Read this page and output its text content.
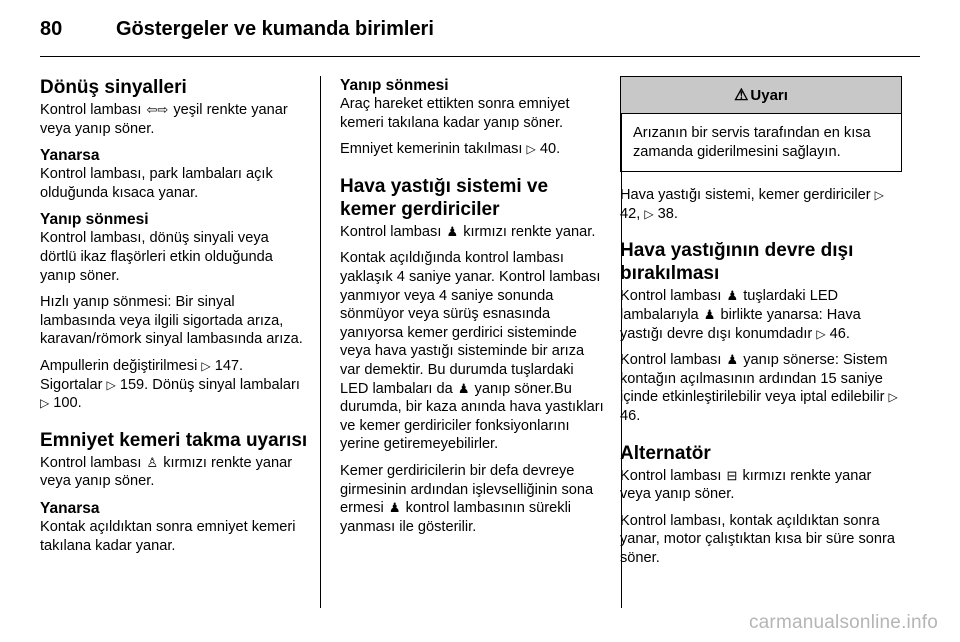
80	Göstergeler ve kumanda birimleri
Dönüş sinyalleri

Kontrol lambası ⇦⇨ yeşil renkte yanar veya yanıp söner.

Yanarsa

Kontrol lambası, park lambaları açık olduğunda kısaca yanar.

Yanıp sönmesi

Kontrol lambası, dönüş sinyali veya dörtlü ikaz flaşörleri etkin olduğunda yanıp söner.

Hızlı yanıp sönmesi: Bir sinyal lambasında veya ilgili sigortada arıza, karavan/römork sinyal lambasında arıza.

Ampullerin değiştirilmesi ▷ 147. Sigortalar ▷ 159. Dönüş sinyal lambaları ▷ 100.

Emniyet kemeri takma uyarısı

Kontrol lambası ♙ kırmızı renkte yanar veya yanıp söner.

Yanarsa

Kontak açıldıktan sonra emniyet kemeri takılana kadar yanar.

Yanıp sönmesi

Araç hareket ettikten sonra emniyet kemeri takılana kadar yanıp söner.

Emniyet kemerinin takılması ▷ 40.

Hava yastığı sistemi ve kemer gerdiriciler

Kontrol lambası ♟ kırmızı renkte yanar.

Kontak açıldığında kontrol lambası yaklaşık 4 saniye yanar. Kontrol lambası yanmıyor veya 4 saniye sonunda sönmüyor veya sürüş esnasında yanıyorsa kemer gerdirici sisteminde veya hava yastığı sisteminde bir arıza var demektir. Bu durumda tuşlardaki LED lambaları da ♟ yanıp söner.Bu durumda, bir kaza anında hava yastıkları ve kemer gerdiriciler fonksiyonlarını yerine getiremeyebilirler.

Kemer gerdiricilerin bir defa devreye girmesinin ardından işlevselliğinin sona ermesi ♟ kontrol lambasının sürekli yanması ile gösterilir.

⚠ Uyarı

Arızanın bir servis tarafından en kısa zamanda giderilmesini sağlayın.

Hava yastığı sistemi, kemer gerdiriciler ▷ 42, ▷ 38.

Hava yastığının devre dışı bırakılması

Kontrol lambası ♟ tuşlardaki LED lambalarıyla ♟ birlikte yanarsa: Hava yastığı devre dışı konumdadır ▷ 46.

Kontrol lambası ♟ yanıp sönerse: Sistem kontağın açılmasının ardından 15 saniye içinde etkinleştirilebilir veya iptal edilebilir ▷ 46.

Alternatör

Kontrol lambası ⊟ kırmızı renkte yanar veya yanıp söner.

Kontrol lambası, kontak açıldıktan sonra yanar, motor çalıştıktan kısa bir süre sonra söner.

carmanualsonline.info
